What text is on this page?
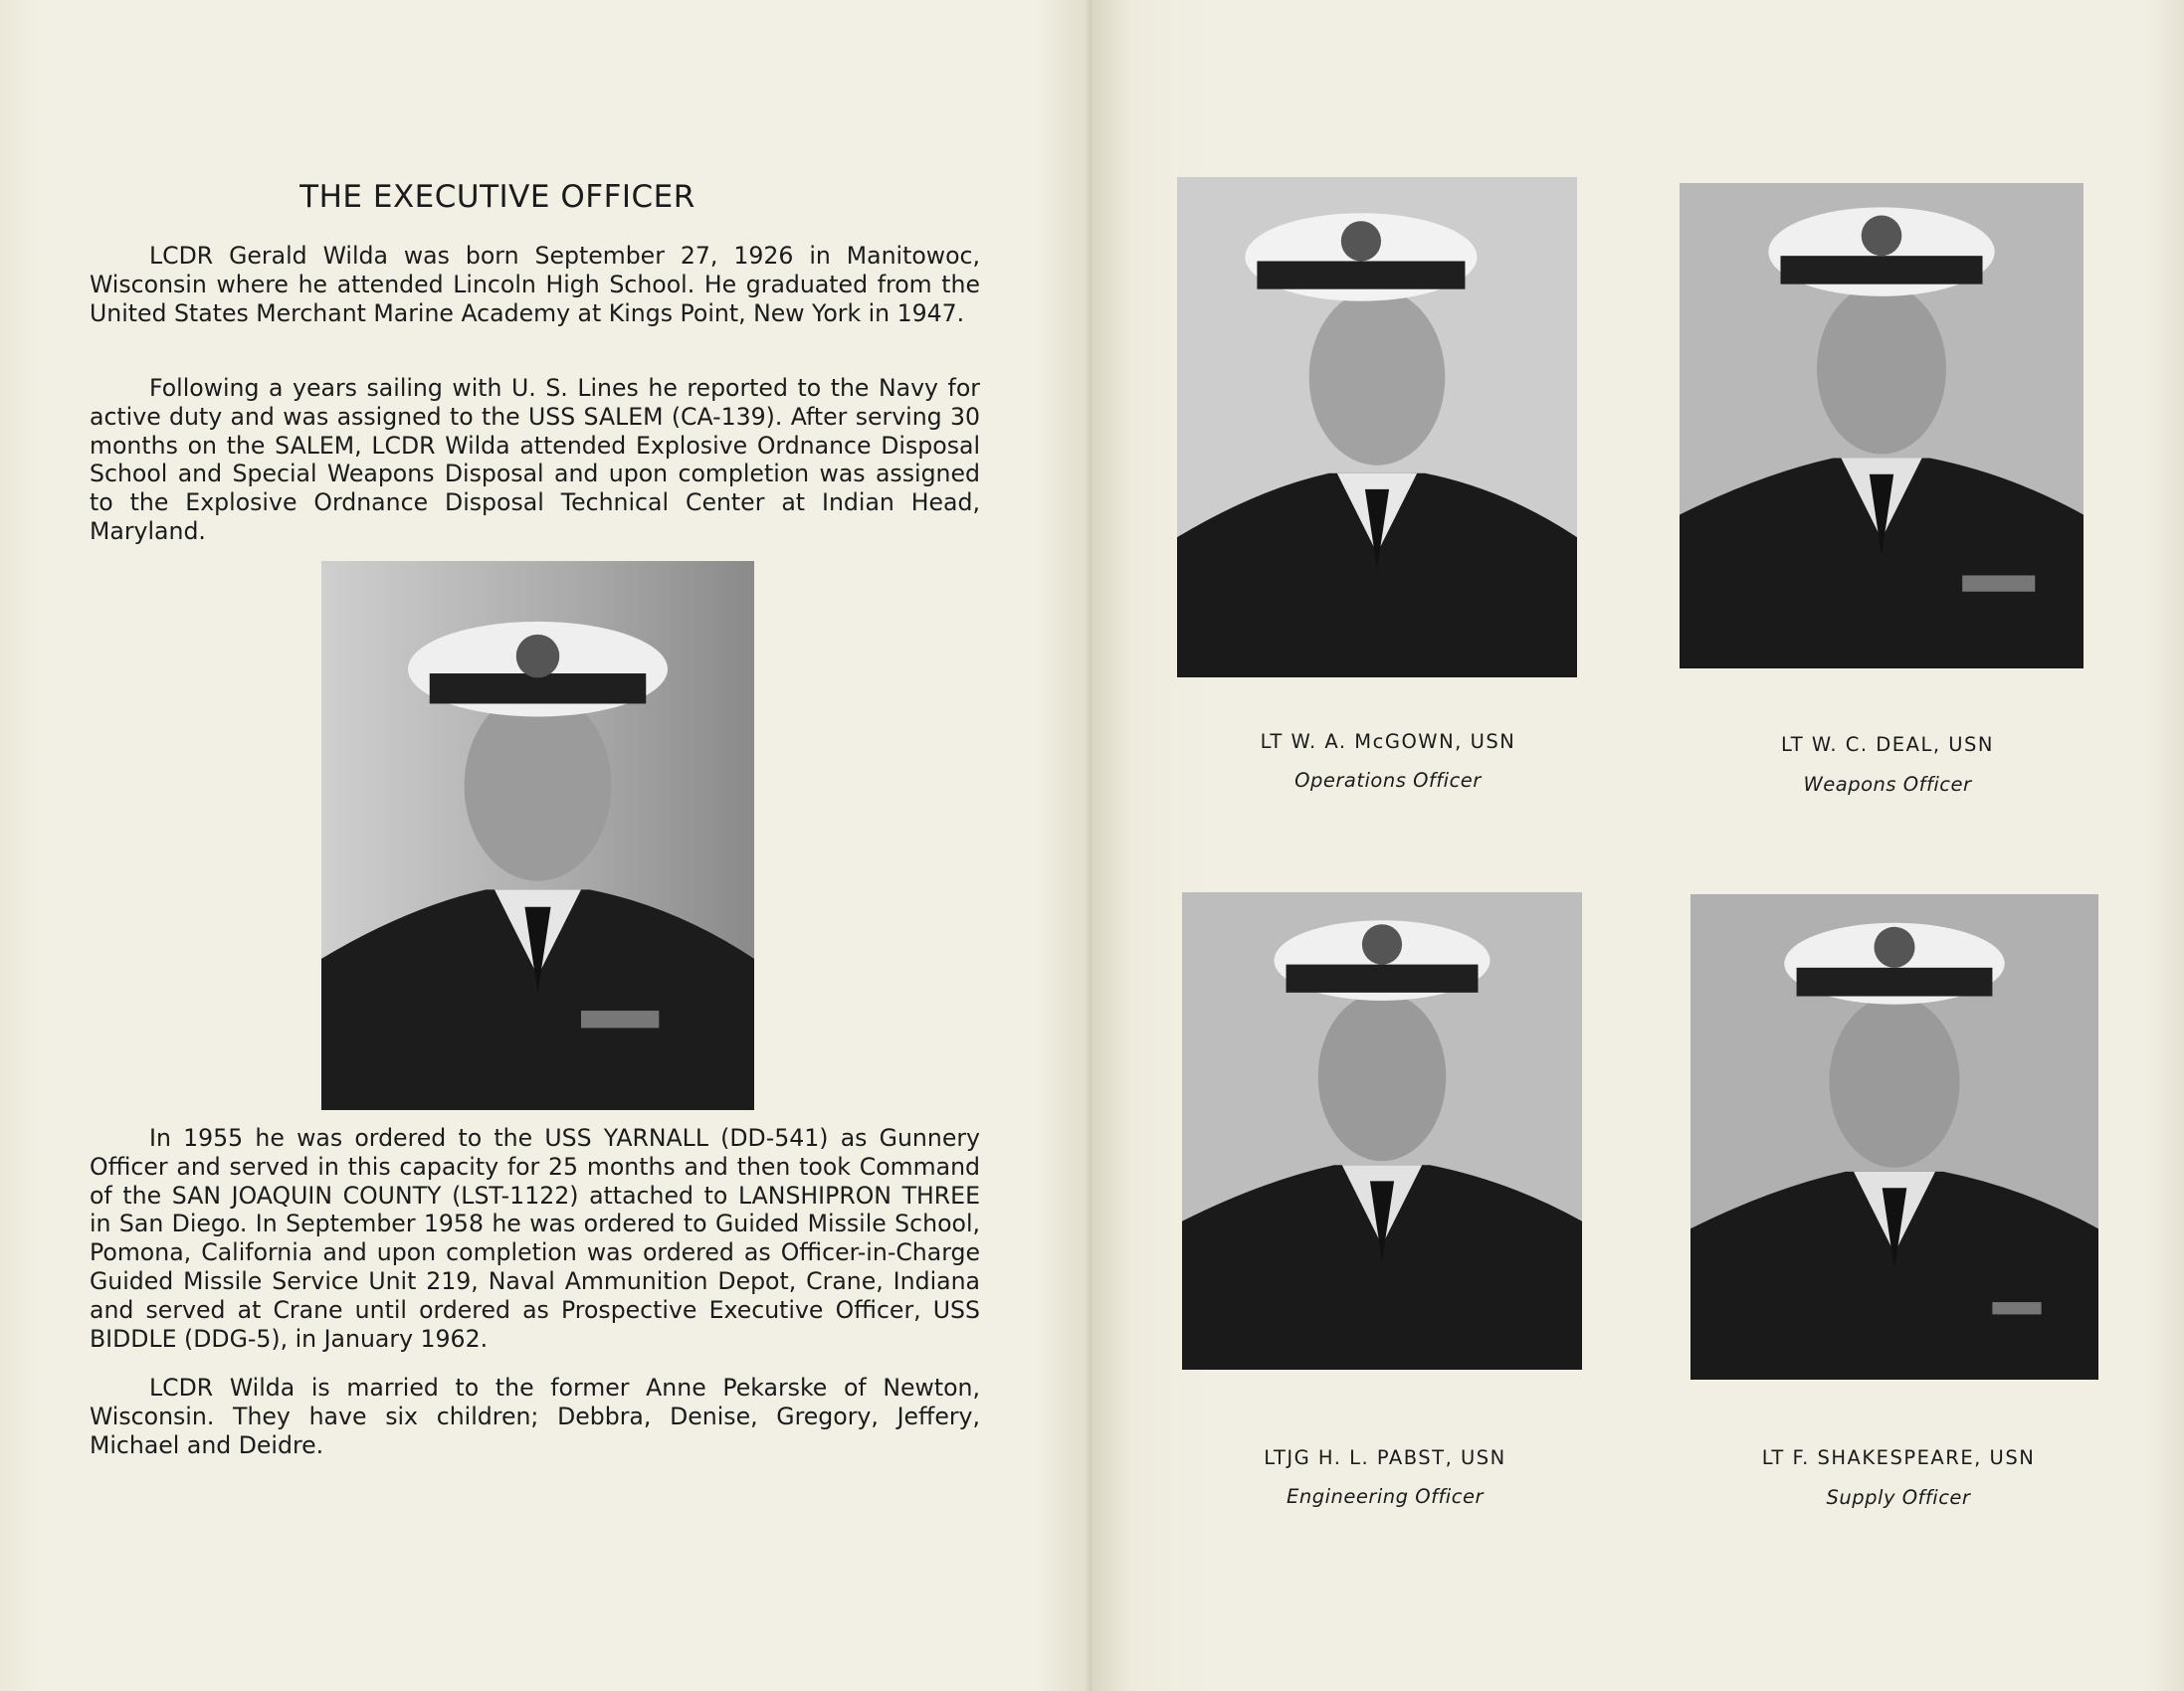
THE EXECUTIVE OFFICER

LCDR Gerald Wilda was born September 27, 1926 in Manitowoc, Wisconsin where he attended Lincoln High School. He graduated from the United States Merchant Marine Academy at Kings Point, New York in 1947.

Following a years sailing with U. S. Lines he reported to the Navy for active duty and was assigned to the USS SALEM (CA-139). After serving 30 months on the SALEM, LCDR Wilda attended Explosive Ordnance Disposal School and Special Weapons Disposal and upon completion was assigned to the Explosive Ordnance Disposal Technical Center at Indian Head, Maryland.

In 1955 he was ordered to the USS YARNALL (DD-541) as Gunnery Officer and served in this capacity for 25 months and then took Command of the SAN JOAQUIN COUNTY (LST-1122) attached to LANSHIPRON THREE in San Diego. In September 1958 he was ordered to Guided Missile School, Pomona, California and upon completion was ordered as Officer-in-Charge Guided Missile Service Unit 219, Naval Ammunition Depot, Crane, Indiana and served at Crane until ordered as Prospective Executive Officer, USS BIDDLE (DDG-5), in January 1962.

LCDR Wilda is married to the former Anne Pekarske of Newton, Wisconsin. They have six children; Debbra, Denise, Gregory, Jeffery, Michael and Deidre.

LT W. A. McGOWN, USN
Operations Officer
LT W. C. DEAL, USN
Weapons Officer
LTJG H. L. PABST, USN
Engineering Officer
LT F. SHAKESPEARE, USN
Supply Officer
